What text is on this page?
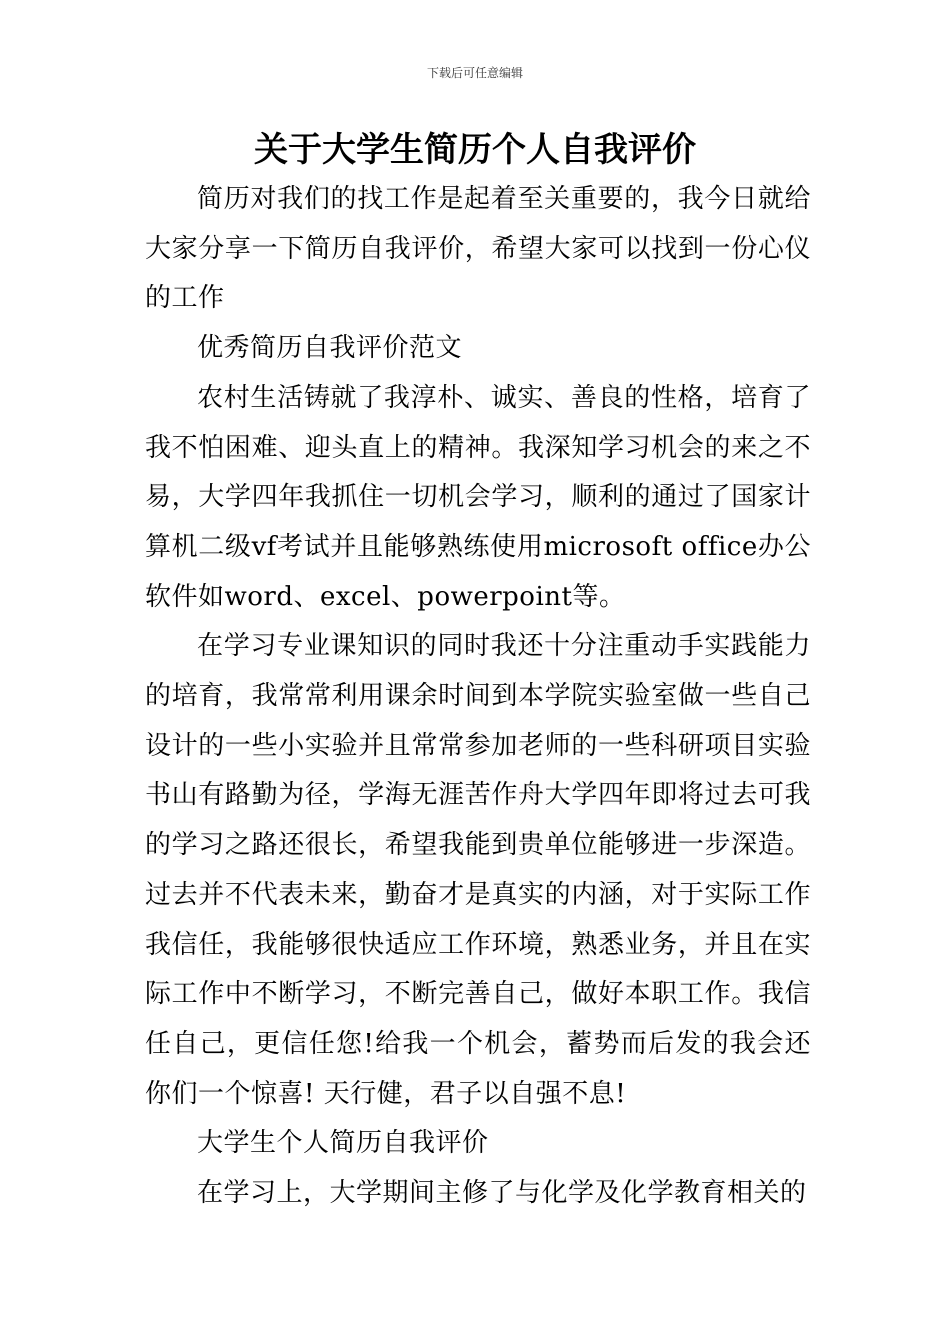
下载后可任意编辑
关于大学生简历个人自我评价

简历对我们的找工作是起着至关重要的，我今日就给大家分享一下简历自我评价，希望大家可以找到一份心仪的工作

优秀简历自我评价范文

农村生活铸就了我淳朴、诚实、善良的性格，培育了我不怕困难、迎头直上的精神。我深知学习机会的来之不易，大学四年我抓住一切机会学习，顺利的通过了国家计算机二级vf考试并且能够熟练使用microsoft office办公软件如word、excel、powerpoint等。

在学习专业课知识的同时我还十分注重动手实践能力的培育，我常常利用课余时间到本学院实验室做一些自己设计的一些小实验并且常常参加老师的一些科研项目实验书山有路勤为径，学海无涯苦作舟大学四年即将过去可我的学习之路还很长，希望我能到贵单位能够进一步深造。过去并不代表未来，勤奋才是真实的内涵，对于实际工作我信任，我能够很快适应工作环境，熟悉业务，并且在实际工作中不断学习，不断完善自己，做好本职工作。我信任自己，更信任您!给我一个机会，蓄势而后发的我会还你们一个惊喜! 天行健，君子以自强不息!

大学生个人简历自我评价

在学习上，大学期间主修了与化学及化学教育相关的
